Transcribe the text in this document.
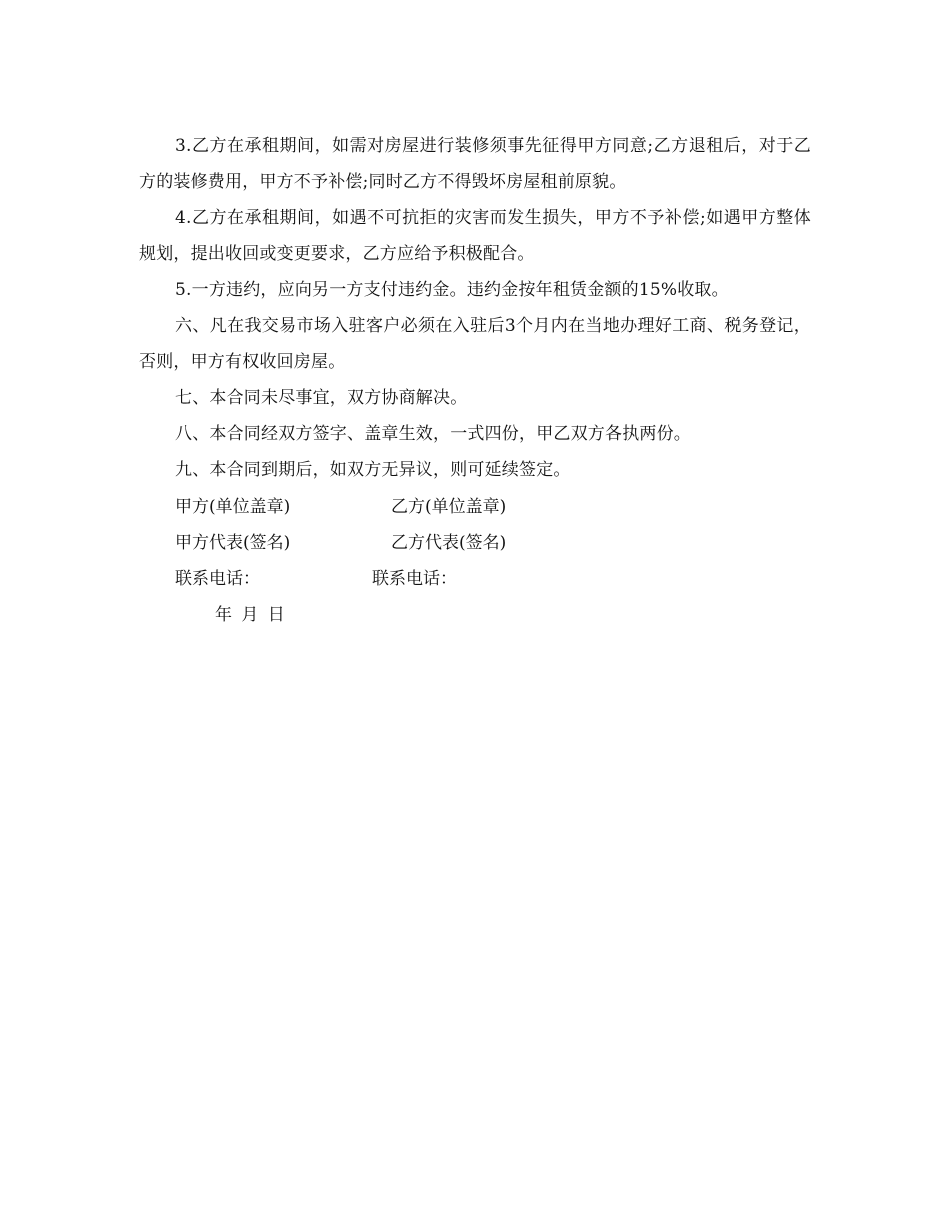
3.乙方在承租期间，如需对房屋进行装修须事先征得甲方同意;乙方退租后，对于乙方的装修费用，甲方不予补偿;同时乙方不得毁坏房屋租前原貌。

4.乙方在承租期间，如遇不可抗拒的灾害而发生损失，甲方不予补偿;如遇甲方整体规划，提出收回或变更要求，乙方应给予积极配合。

5.一方违约，应向另一方支付违约金。违约金按年租赁金额的15%收取。

六、凡在我交易市场入驻客户必须在入驻后3个月内在当地办理好工商、税务登记，否则，甲方有权收回房屋。

七、本合同未尽事宜，双方协商解决。

八、本合同经双方签字、盖章生效，一式四份，甲乙双方各执两份。

九、本合同到期后，如双方无异议，则可延续签定。

甲方(单位盖章)	乙方(单位盖章)
甲方代表(签名)	乙方代表(签名)
联系电话：	联系电话：
年 月 日
